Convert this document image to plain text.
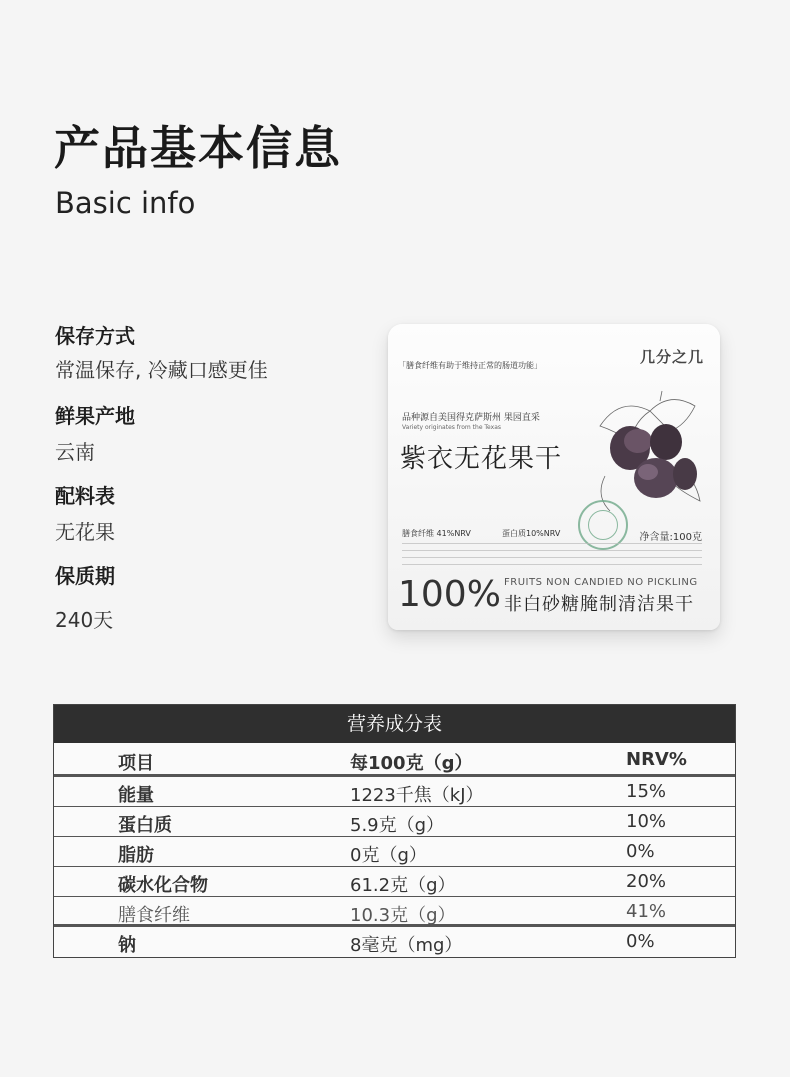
产品基本信息
Basic info
保存方式
常温保存, 冷藏口感更佳
鲜果产地
云南
配料表
无花果
保质期
240天
「膳食纤维有助于维持正常的肠道功能」	几分之几
品种源自美国得克萨斯州 果园直采
Variety originates from the Texas
紫衣无花果干
膳食纤维 41%NRV	蛋白质10%NRV	净含量:100克
100% FRUITS NON CANDIED NO PICKLING
非白砂糖腌制清洁果干
营养成分表
项目	每100克（g）	NRV%
能量	1223千焦（kJ）	15%
蛋白质	5.9克（g）	10%
脂肪	0克（g）	0%
碳水化合物	61.2克（g）	20%
膳食纤维	10.3克（g）	41%
钠	8毫克（mg）	0%
